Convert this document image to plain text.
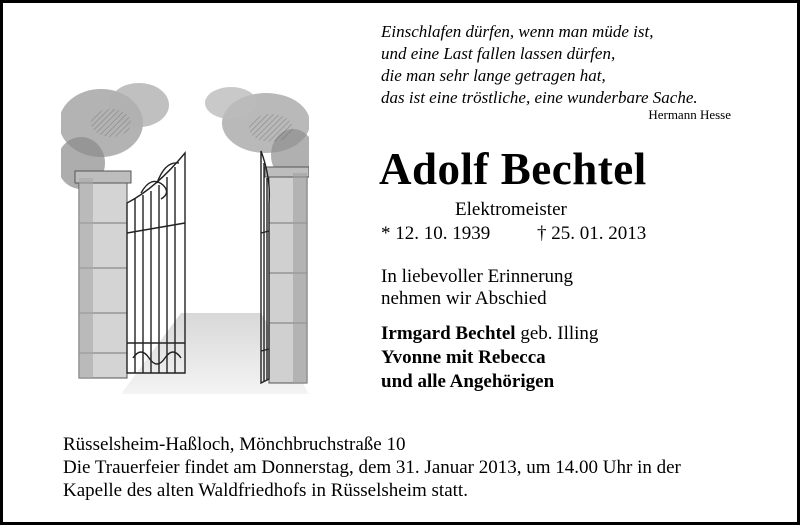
Einschlafen dürfen, wenn man müde ist,
und eine Last fallen lassen dürfen,
die man sehr lange getragen hat,
das ist eine tröstliche, eine wunderbare Sache.
Hermann Hesse
Adolf Bechtel
Elektromeister
* 12. 10. 1939 † 25. 01. 2013
In liebevoller Erinnerung
nehmen wir Abschied
Irmgard Bechtel geb. Illing
Yvonne mit Rebecca
und alle Angehörigen
Rüsselsheim-Haßloch, Mönchbruchstraße 10
Die Trauerfeier findet am Donnerstag, dem 31. Januar 2013, um 14.00 Uhr in der
Kapelle des alten Waldfriedhofs in Rüsselsheim statt.
